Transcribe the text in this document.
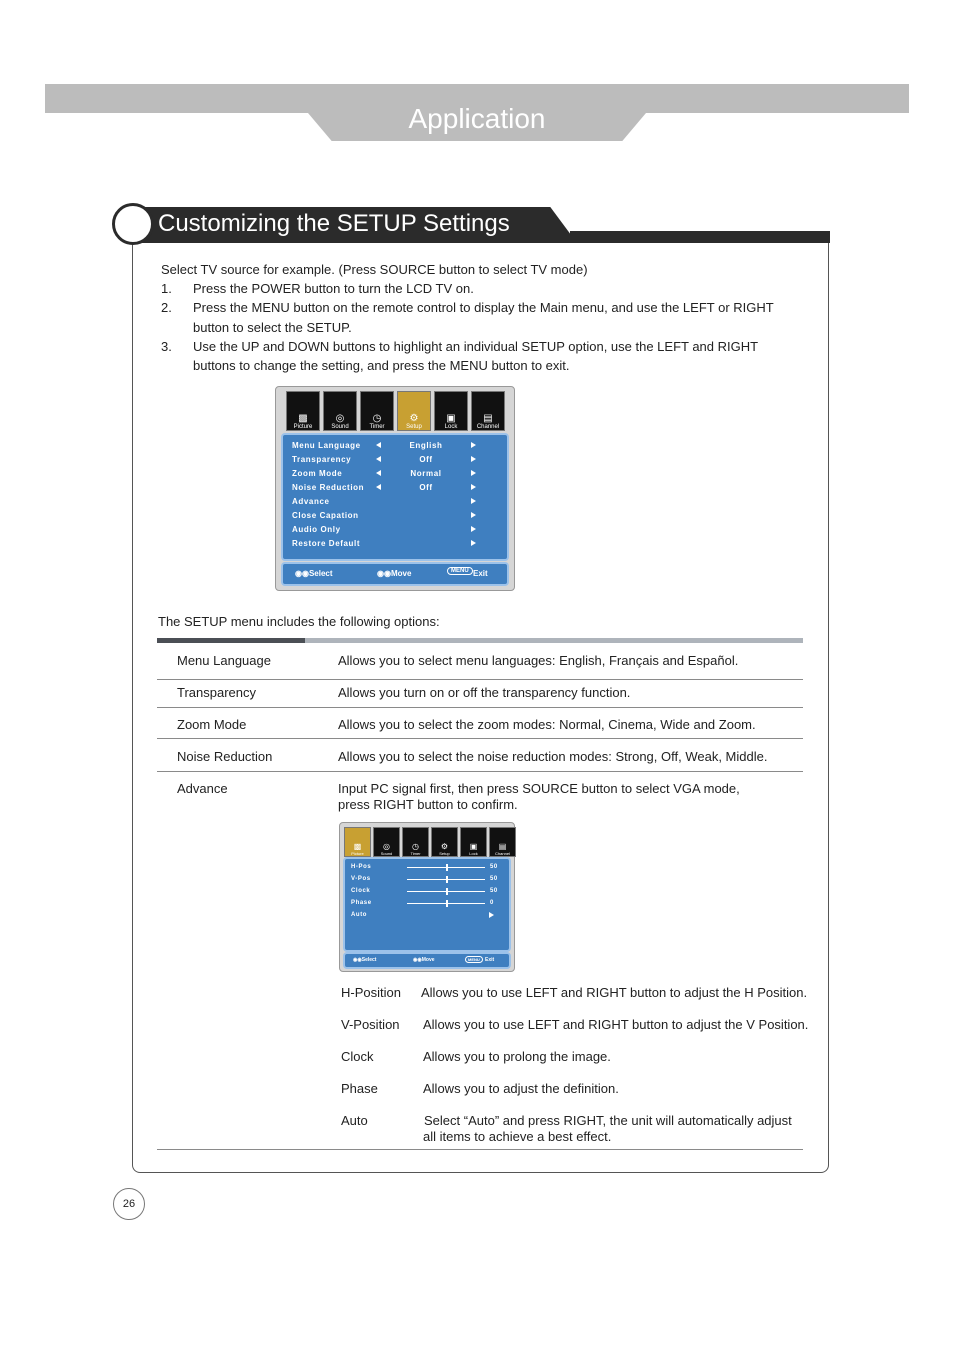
Application
Customizing the SETUP Settings
Select TV source for example. (Press SOURCE button to select TV mode)
1. Press the POWER button to turn the LCD TV on.
2. Press the MENU button on the remote control to display the Main menu, and use the LEFT or RIGHT
button to select the SETUP.
3. Use the UP and DOWN buttons to highlight an individual SETUP option, use the LEFT and RIGHT
buttons to change the setting, and press the MENU button to exit.
▩
Picture
◎
Sound
◷
Timer
⚙
Setup
▣
Lock
▤
Channel
Menu Language	English
Transparency	Off
Zoom Mode	Normal
Noise Reduction	Off
Advance
Close Capation
Audio Only
Restore Default
◉◉Select	◉◉Move	MENU Exit
The SETUP menu includes the following options:
Menu Language	Allows you to select menu languages: English, Français and Español.
Transparency	Allows you turn on or off the transparency function.
Zoom Mode	Allows you to select the zoom modes: Normal, Cinema, Wide and Zoom.
Noise Reduction	Allows you to select the noise reduction modes: Strong, Off, Weak, Middle.
Advance	Input PC signal first, then press SOURCE button to select VGA mode,
press RIGHT button to confirm.
▩
Picture
◎
Sound
◷
Timer
⚙
Setup
▣
Lock
▤
Channel
H-Pos	50
V-Pos	50
Clock	50
Phase	0
Auto
◉◉Select	◉◉Move	MENU	Exit
H-Position Allows you to use LEFT and RIGHT button to adjust the H Position.
V-Position Allows you to use LEFT and RIGHT button to adjust the V Position.
Clock	Allows you to prolong the image.
Phase	Allows you to adjust the definition.
Auto	Select “Auto” and press RIGHT, the unit will automatically adjust
all items to achieve a best effect.
26
